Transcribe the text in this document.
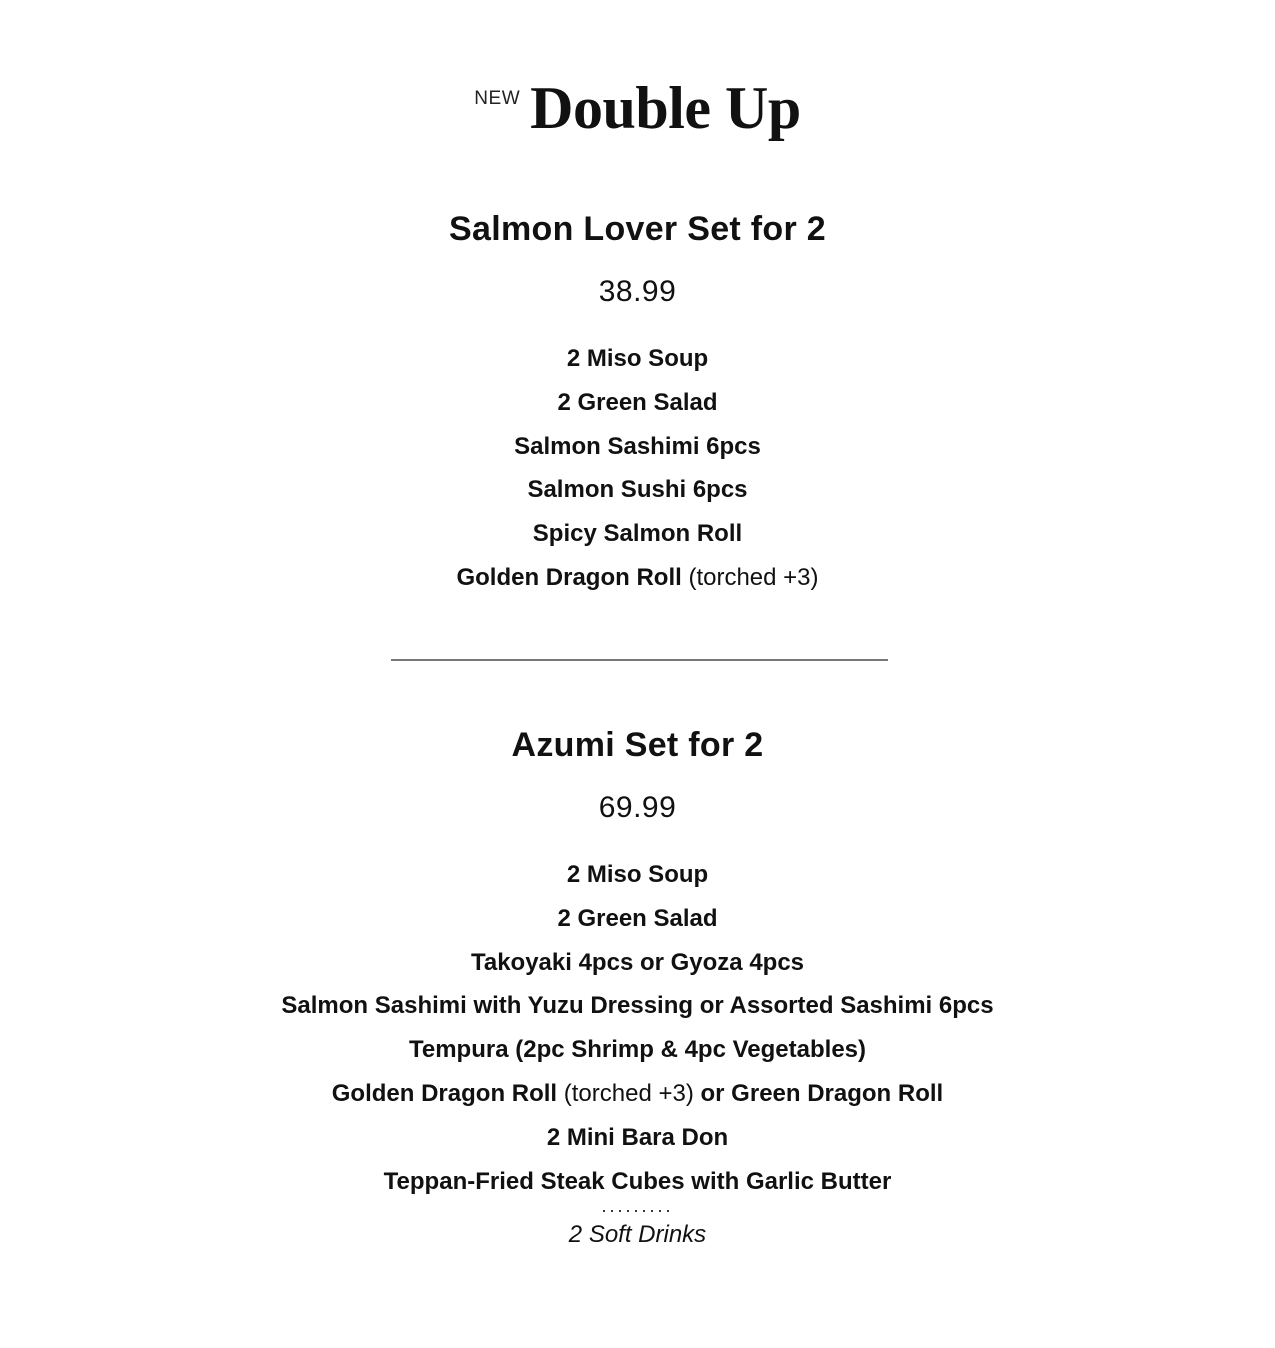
NEW Double Up
Salmon Lover Set for 2
38.99
2 Miso Soup
2 Green Salad
Salmon Sashimi 6pcs
Salmon Sushi 6pcs
Spicy Salmon Roll
Golden Dragon Roll (torched +3)
Azumi Set for 2
69.99
2 Miso Soup
2 Green Salad
Takoyaki 4pcs or Gyoza 4pcs
Salmon Sashimi with Yuzu Dressing or Assorted Sashimi 6pcs
Tempura (2pc Shrimp & 4pc Vegetables)
Golden Dragon Roll (torched +3) or Green Dragon Roll
2 Mini Bara Don
Teppan-Fried Steak Cubes with Garlic Butter
.........
2 Soft Drinks
